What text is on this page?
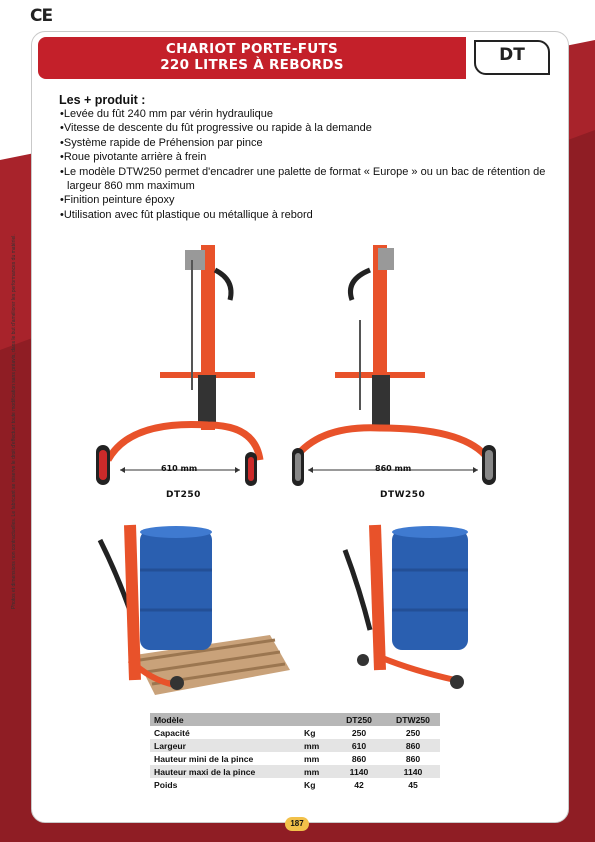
CE
Photos et dimensions non contractuelles. Le fabricant se réserve le droit d'effectuer toute modification sans préavis, dans le but d'améliorer les performances du matériel.
CHARIOT PORTE-FUTS
220 LITRES À REBORDS	DT
Les + produit :
• Levée du fût 240 mm par vérin hydraulique
• Vitesse de descente du fût progressive ou rapide à la demande
• Système rapide de Préhension par pince
• Roue pivotante arrière à frein
• Le modèle DTW250 permet d'encadrer une palette de format « Europe » ou un bac de rétention de largeur 860 mm maximum
• Finition peinture époxy
• Utilisation avec fût plastique ou métallique à rebord
610 mm	860 mm
DT250	DTW250
Modèle		DT250	DTW250
Capacité	Kg	250	250
Largeur	mm	610	860
Hauteur mini de la pince	mm	860	860
Hauteur maxi de la pince	mm	1140	1140
Poids	Kg	42	45
187
